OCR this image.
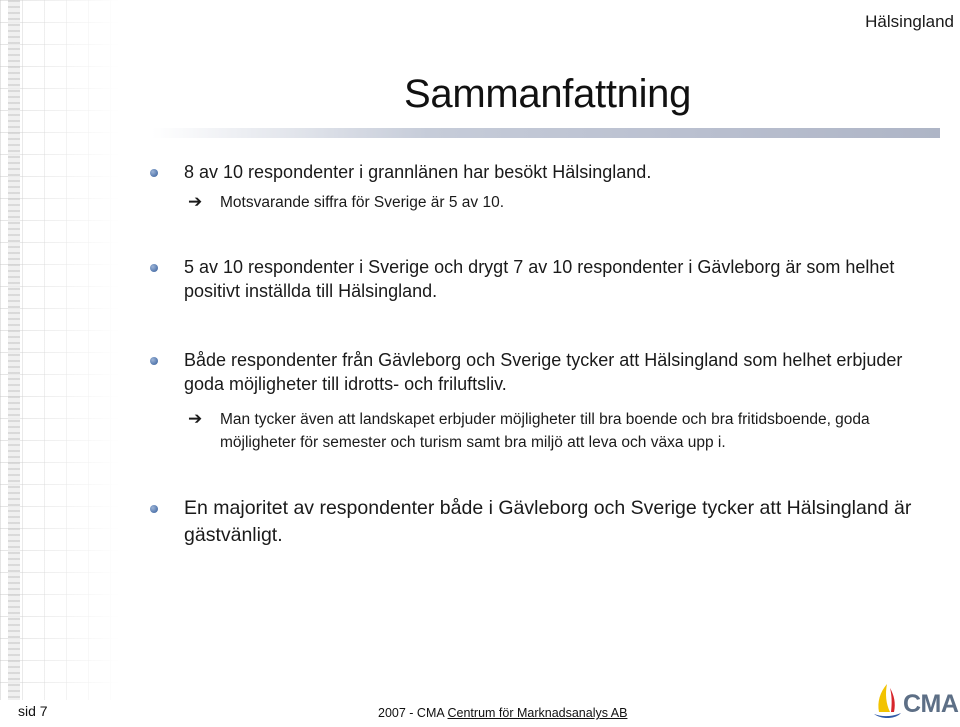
Hälsingland
Sammanfattning
8 av 10 respondenter i grannlänen har besökt Hälsingland.
➔ Motsvarande siffra för Sverige är 5 av 10.
5 av 10 respondenter i Sverige och drygt 7 av 10 respondenter i Gävleborg är som helhet positivt inställda till Hälsingland.
Både respondenter från Gävleborg och Sverige tycker att Hälsingland som helhet erbjuder goda möjligheter till idrotts- och friluftsliv.
➔ Man tycker även att landskapet erbjuder möjligheter till bra boende och bra fritidsboende, goda möjligheter för semester och turism samt bra miljö att leva och växa upp i.
En majoritet av respondenter både i Gävleborg och Sverige tycker att Hälsingland är gästvänligt.
sid 7	2007 - CMA Centrum för Marknadsanalys AB	CMA
